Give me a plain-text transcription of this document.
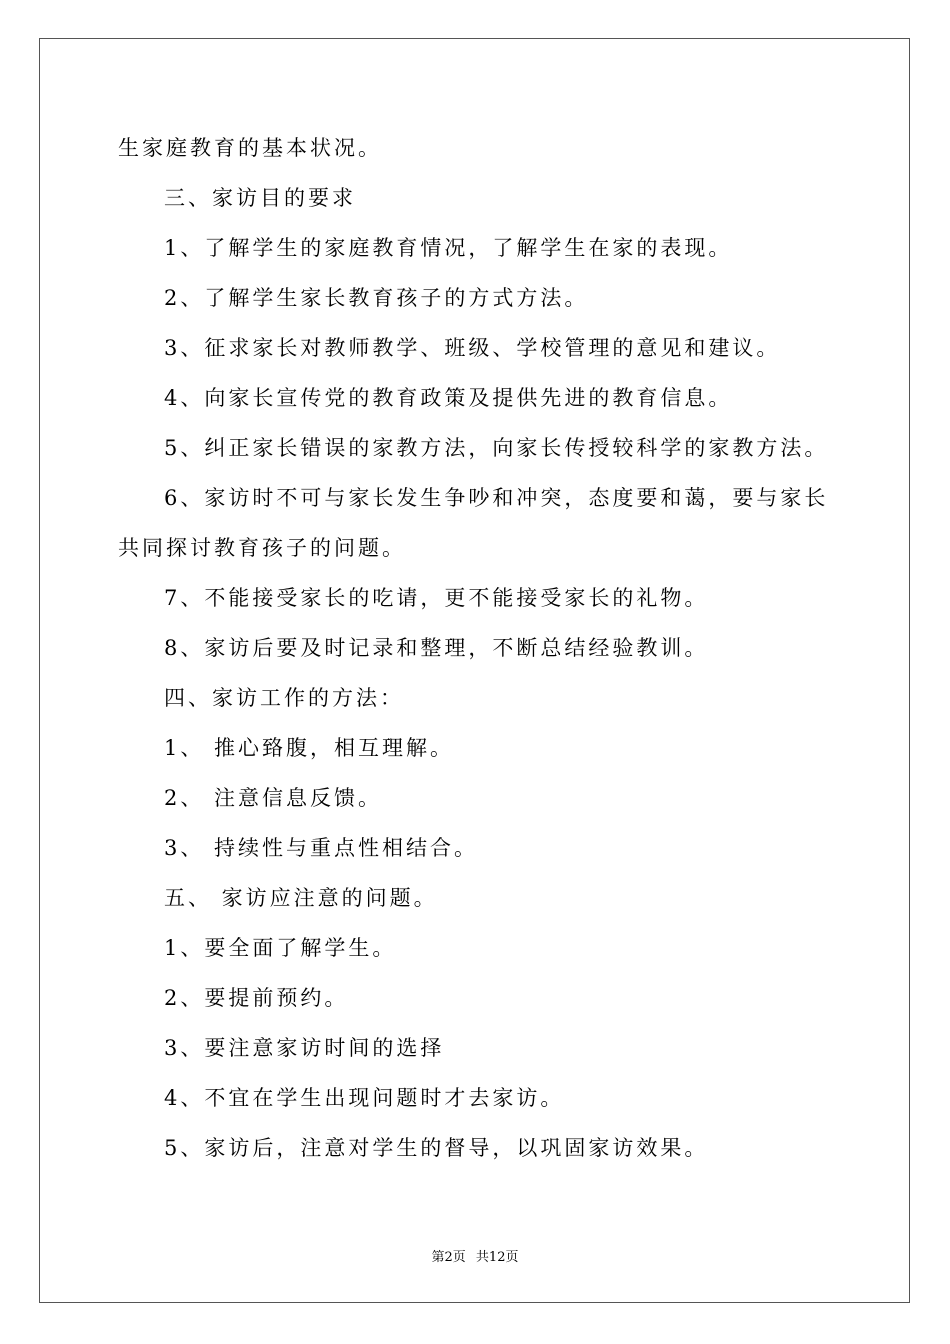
生家庭教育的基本状况。
三、家访目的要求
1、了解学生的家庭教育情况，了解学生在家的表现。
2、了解学生家长教育孩子的方式方法。
3、征求家长对教师教学、班级、学校管理的意见和建议。
4、向家长宣传党的教育政策及提供先进的教育信息。
5、纠正家长错误的家教方法，向家长传授较科学的家教方法。
6、家访时不可与家长发生争吵和冲突，态度要和蔼，要与家长
共同探讨教育孩子的问题。
7、不能接受家长的吃请，更不能接受家长的礼物。
8、家访后要及时记录和整理，不断总结经验教训。
四、家访工作的方法：
1、 推心臵腹，相互理解。
2、 注意信息反馈。
3、 持续性与重点性相结合。
五、 家访应注意的问题。
1、要全面了解学生。
2、要提前预约。
3、要注意家访时间的选择
4、不宜在学生出现问题时才去家访。
5、家访后，注意对学生的督导，以巩固家访效果。
第2页 共12页
